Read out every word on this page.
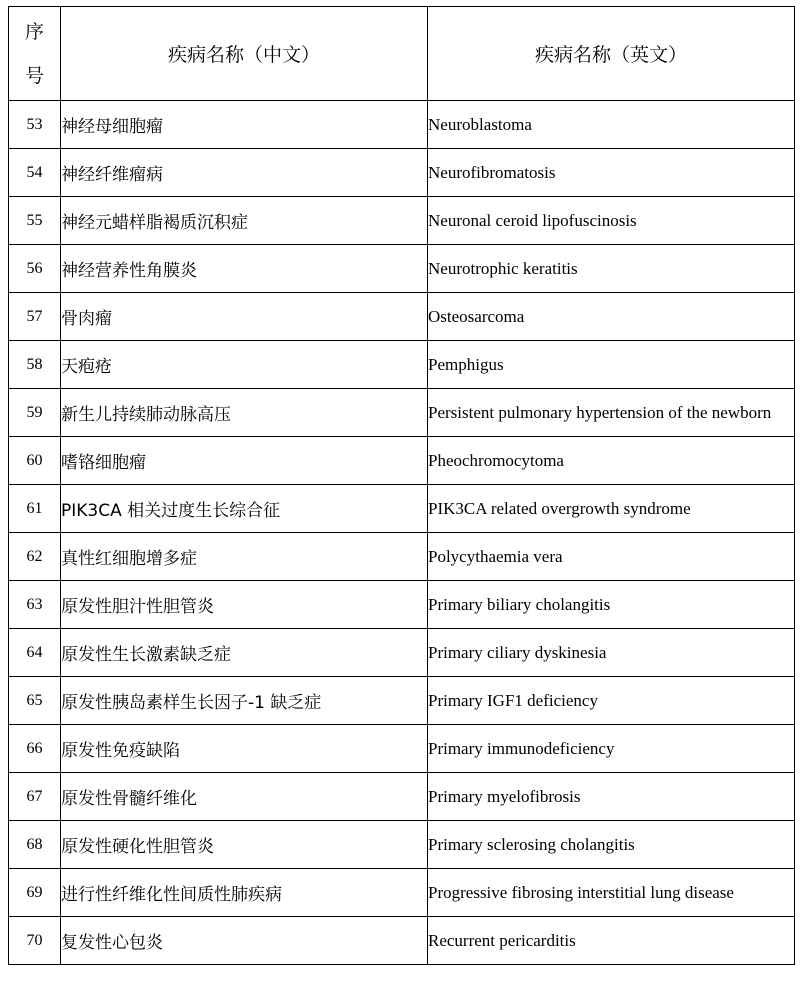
序
号	疾病名称（中文）	疾病名称（英文）
53	神经母细胞瘤	Neuroblastoma
54	神经纤维瘤病	Neurofibromatosis
55	神经元蜡样脂褐质沉积症	Neuronal ceroid lipofuscinosis
56	神经营养性角膜炎	Neurotrophic keratitis
57	骨肉瘤	Osteosarcoma
58	天疱疮	Pemphigus
59	新生儿持续肺动脉高压	Persistent pulmonary hypertension of the newborn
60	嗜铬细胞瘤	Pheochromocytoma
61	PIK3CA 相关过度生长综合征	PIK3CA related overgrowth syndrome
62	真性红细胞增多症	Polycythaemia vera
63	原发性胆汁性胆管炎	Primary biliary cholangitis
64	原发性生长激素缺乏症	Primary ciliary dyskinesia
65	原发性胰岛素样生长因子-1 缺乏症	Primary IGF1 deficiency
66	原发性免疫缺陷	Primary immunodeficiency
67	原发性骨髓纤维化	Primary myelofibrosis
68	原发性硬化性胆管炎	Primary sclerosing cholangitis
69	进行性纤维化性间质性肺疾病	Progressive fibrosing interstitial lung disease
70	复发性心包炎	Recurrent pericarditis
